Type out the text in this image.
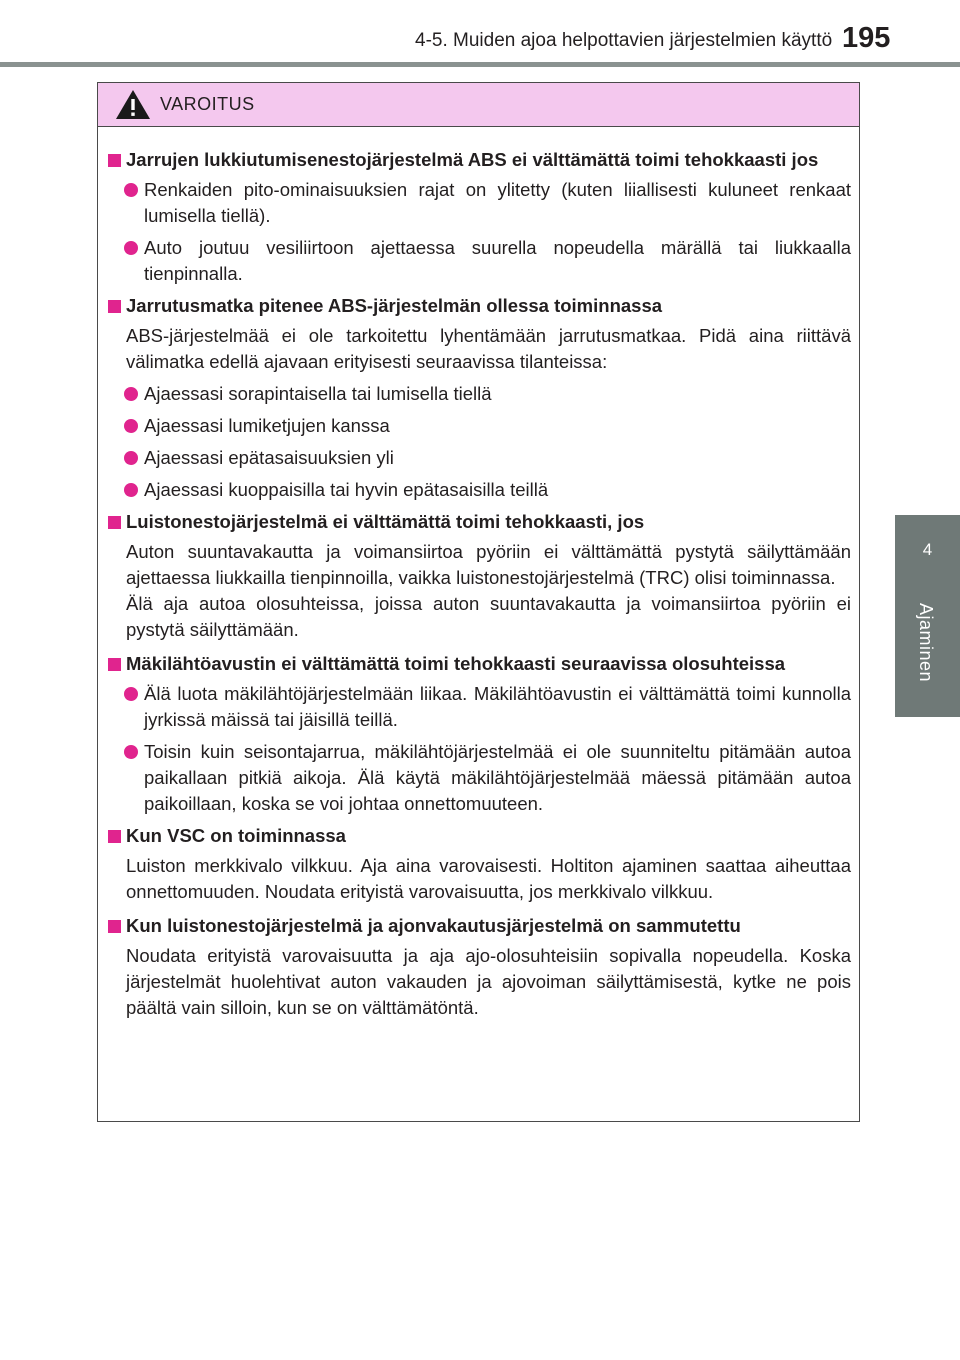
4-5. Muiden ajoa helpottavien järjestelmien käyttö 195
4
Ajaminen
VAROITUS
Jarrujen lukkiutumisenestojärjestelmä ABS ei välttämättä toimi tehokkaasti jos
Renkaiden pito-ominaisuuksien rajat on ylitetty (kuten liiallisesti kuluneet renkaat lumisella tiellä).
Auto joutuu vesiliirtoon ajettaessa suurella nopeudella märällä tai liukkaalla tienpinnalla.
Jarrutusmatka pitenee ABS-järjestelmän ollessa toiminnassa
ABS-järjestelmää ei ole tarkoitettu lyhentämään jarrutusmatkaa. Pidä aina riittävä välimatka edellä ajavaan erityisesti seuraavissa tilanteissa:
Ajaessasi sorapintaisella tai lumisella tiellä
Ajaessasi lumiketjujen kanssa
Ajaessasi epätasaisuuksien yli
Ajaessasi kuoppaisilla tai hyvin epätasaisilla teillä
Luistonestojärjestelmä ei välttämättä toimi tehokkaasti, jos
Auton suuntavakautta ja voimansiirtoa pyöriin ei välttämättä pystytä säilyttämään ajettaessa liukkailla tienpinnoilla, vaikka luistonestojärjestelmä (TRC) olisi toiminnassa.
Älä aja autoa olosuhteissa, joissa auton suuntavakautta ja voimansiirtoa pyöriin ei pystytä säilyttämään.
Mäkilähtöavustin ei välttämättä toimi tehokkaasti seuraavissa olosuhteissa
Älä luota mäkilähtöjärjestelmään liikaa. Mäkilähtöavustin ei välttämättä toimi kunnolla jyrkissä mäissä tai jäisillä teillä.
Toisin kuin seisontajarrua, mäkilähtöjärjestelmää ei ole suunniteltu pitämään autoa paikallaan pitkiä aikoja. Älä käytä mäkilähtöjärjestelmää mäessä pitämään autoa paikoillaan, koska se voi johtaa onnettomuuteen.
Kun VSC on toiminnassa
Luiston merkkivalo vilkkuu. Aja aina varovaisesti. Holtiton ajaminen saattaa aiheuttaa onnettomuuden. Noudata erityistä varovaisuutta, jos merkkivalo vilkkuu.
Kun luistonestojärjestelmä ja ajonvakautusjärjestelmä on sammutettu
Noudata erityistä varovaisuutta ja aja ajo-olosuhteisiin sopivalla nopeudella. Koska järjestelmät huolehtivat auton vakauden ja ajovoiman säilyttämisestä, kytke ne pois päältä vain silloin, kun se on välttämätöntä.
